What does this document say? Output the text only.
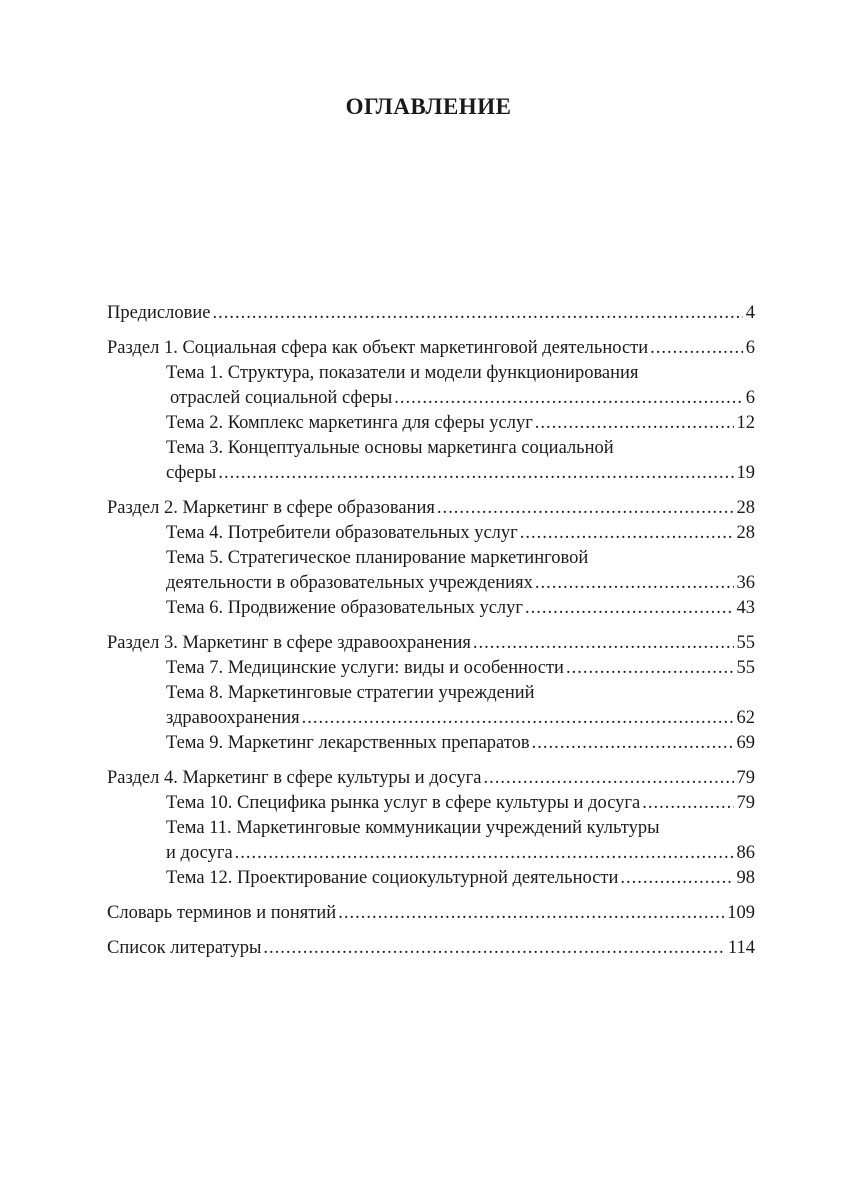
ОГЛАВЛЕНИЕ
Предисловие .....	4
Раздел 1. Социальная сфера как объект маркетинговой деятельности .....	6
Тема 1. Структура, показатели и модели функционирования
отраслей социальной сферы .....	6
Тема 2. Комплекс маркетинга для сферы услуг .....	12
Тема 3. Концептуальные основы маркетинга социальной
сферы .....	19
Раздел 2. Маркетинг в сфере образования .....	28
Тема 4. Потребители образовательных услуг .....	28
Тема 5. Стратегическое планирование маркетинговой
деятельности в образовательных учреждениях .....	36
Тема 6. Продвижение образовательных услуг .....	43
Раздел 3. Маркетинг в сфере здравоохранения .....	55
Тема 7. Медицинские услуги: виды и особенности .....	55
Тема 8. Маркетинговые стратегии учреждений
здравоохранения .....	62
Тема 9. Маркетинг лекарственных препаратов .....	69
Раздел 4. Маркетинг в сфере культуры и досуга .....	79
Тема 10. Специфика рынка услуг в сфере культуры и досуга .....	79
Тема 11. Маркетинговые коммуникации учреждений культуры
и досуга .....	86
Тема 12. Проектирование социокультурной деятельности .....	98
Словарь терминов и понятий .....	109
Список литературы .....	114
